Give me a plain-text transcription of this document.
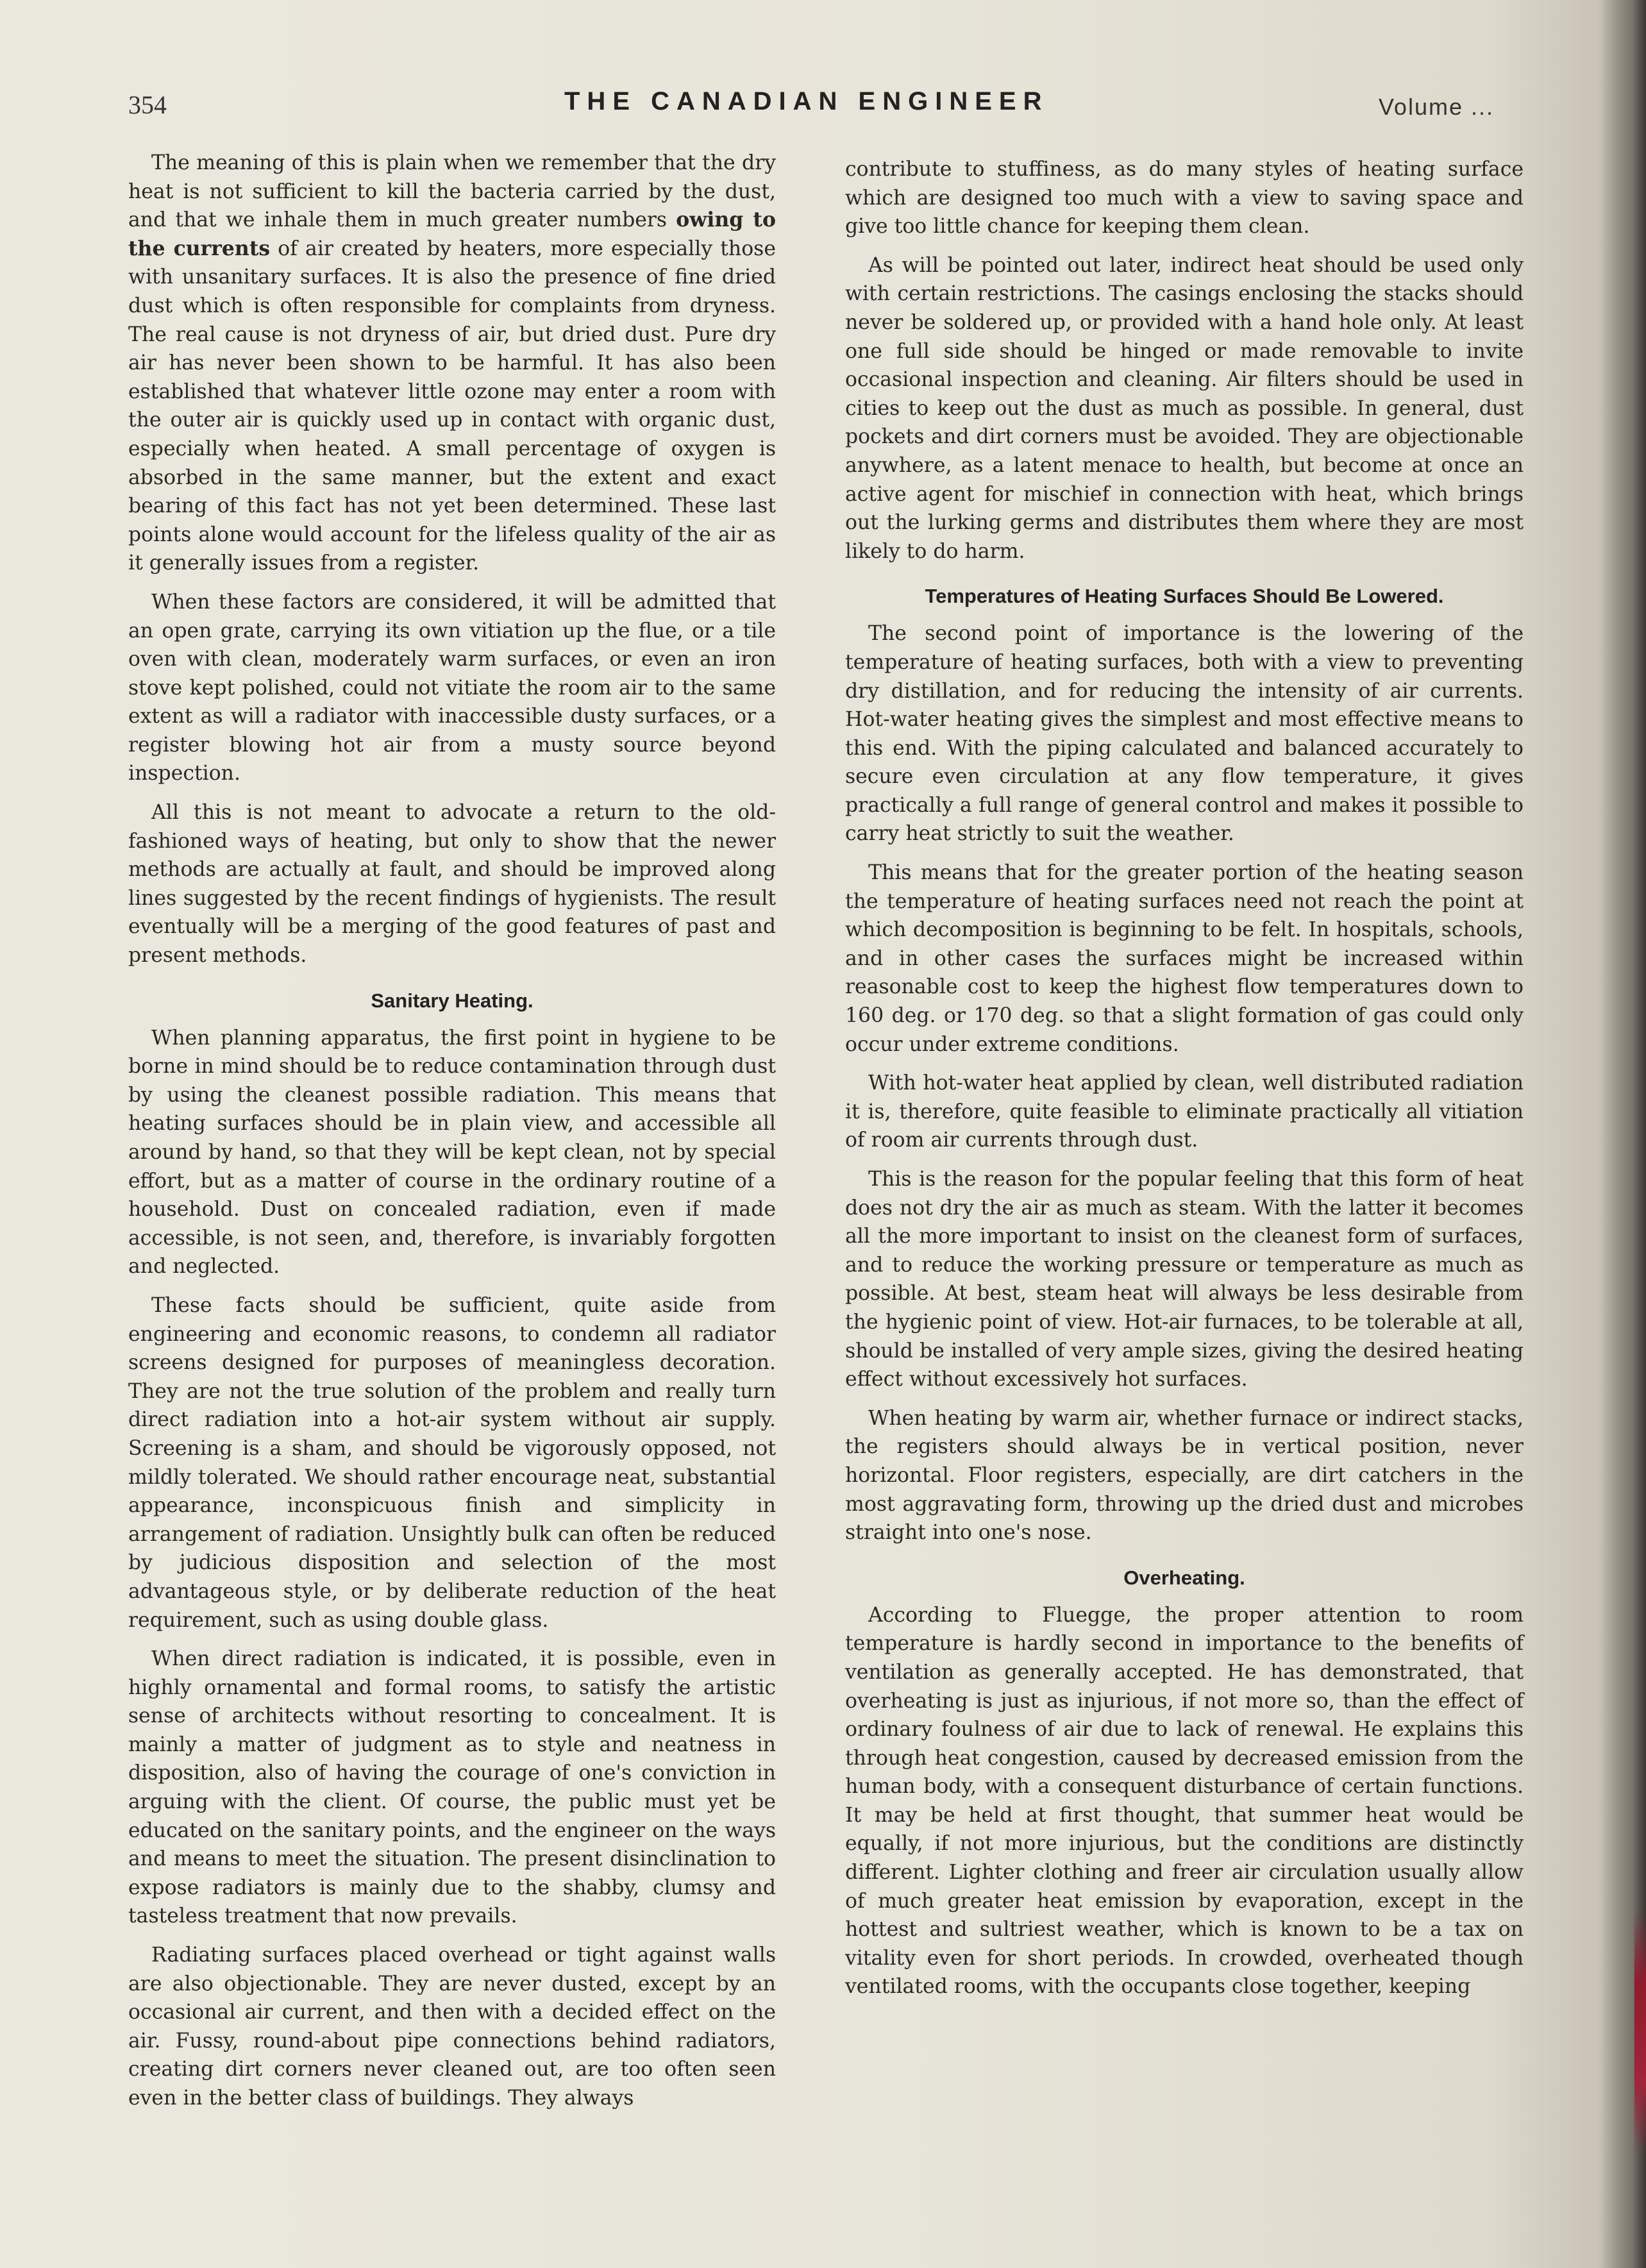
354	THE CANADIAN ENGINEER	Volume ...

The meaning of this is plain when we remember that the dry heat is not sufficient to kill the bacteria carried by the dust, and that we inhale them in much greater numbers owing to the currents of air created by heaters, more especially those with unsanitary surfaces. It is also the presence of fine dried dust which is often responsible for complaints from dryness. The real cause is not dryness of air, but dried dust. Pure dry air has never been shown to be harmful. It has also been established that whatever little ozone may enter a room with the outer air is quickly used up in contact with organic dust, especially when heated. A small percentage of oxygen is absorbed in the same manner, but the extent and exact bearing of this fact has not yet been determined. These last points alone would account for the lifeless quality of the air as it generally issues from a register.

When these factors are considered, it will be admitted that an open grate, carrying its own vitiation up the flue, or a tile oven with clean, moderately warm surfaces, or even an iron stove kept polished, could not vitiate the room air to the same extent as will a radiator with inaccessible dusty surfaces, or a register blowing hot air from a musty source beyond inspection.

All this is not meant to advocate a return to the old-fashioned ways of heating, but only to show that the newer methods are actually at fault, and should be improved along lines suggested by the recent findings of hygienists. The result eventually will be a merging of the good features of past and present methods.

Sanitary Heating.

When planning apparatus, the first point in hygiene to be borne in mind should be to reduce contamination through dust by using the cleanest possible radiation. This means that heating surfaces should be in plain view, and accessible all around by hand, so that they will be kept clean, not by special effort, but as a matter of course in the ordinary routine of a household. Dust on concealed radiation, even if made accessible, is not seen, and, therefore, is invariably forgotten and neglected.

These facts should be sufficient, quite aside from engineering and economic reasons, to condemn all radiator screens designed for purposes of meaningless decoration. They are not the true solution of the problem and really turn direct radiation into a hot-air system without air supply. Screening is a sham, and should be vigorously opposed, not mildly tolerated. We should rather encourage neat, substantial appearance, inconspicuous finish and simplicity in arrangement of radiation. Unsightly bulk can often be reduced by judicious disposition and selection of the most advantageous style, or by deliberate reduction of the heat requirement, such as using double glass.

When direct radiation is indicated, it is possible, even in highly ornamental and formal rooms, to satisfy the artistic sense of architects without resorting to concealment. It is mainly a matter of judgment as to style and neatness in disposition, also of having the courage of one's conviction in arguing with the client. Of course, the public must yet be educated on the sanitary points, and the engineer on the ways and means to meet the situation. The present disinclination to expose radiators is mainly due to the shabby, clumsy and tasteless treatment that now prevails.

Radiating surfaces placed overhead or tight against walls are also objectionable. They are never dusted, except by an occasional air current, and then with a decided effect on the air. Fussy, round-about pipe connections behind radiators, creating dirt corners never cleaned out, are too often seen even in the better class of buildings. They always

contribute to stuffiness, as do many styles of heating surface which are designed too much with a view to saving space and give too little chance for keeping them clean.

As will be pointed out later, indirect heat should be used only with certain restrictions. The casings enclosing the stacks should never be soldered up, or provided with a hand hole only. At least one full side should be hinged or made removable to invite occasional inspection and cleaning. Air filters should be used in cities to keep out the dust as much as possible. In general, dust pockets and dirt corners must be avoided. They are objectionable anywhere, as a latent menace to health, but become at once an active agent for mischief in connection with heat, which brings out the lurking germs and distributes them where they are most likely to do harm.

Temperatures of Heating Surfaces Should Be Lowered.

The second point of importance is the lowering of the temperature of heating surfaces, both with a view to preventing dry distillation, and for reducing the intensity of air currents. Hot-water heating gives the simplest and most effective means to this end. With the piping calculated and balanced accurately to secure even circulation at any flow temperature, it gives practically a full range of general control and makes it possible to carry heat strictly to suit the weather.

This means that for the greater portion of the heating season the temperature of heating surfaces need not reach the point at which decomposition is beginning to be felt. In hospitals, schools, and in other cases the surfaces might be increased within reasonable cost to keep the highest flow temperatures down to 160 deg. or 170 deg. so that a slight formation of gas could only occur under extreme conditions.

With hot-water heat applied by clean, well distributed radiation it is, therefore, quite feasible to eliminate practically all vitiation of room air currents through dust.

This is the reason for the popular feeling that this form of heat does not dry the air as much as steam. With the latter it becomes all the more important to insist on the cleanest form of surfaces, and to reduce the working pressure or temperature as much as possible. At best, steam heat will always be less desirable from the hygienic point of view. Hot-air furnaces, to be tolerable at all, should be installed of very ample sizes, giving the desired heating effect without excessively hot surfaces.

When heating by warm air, whether furnace or indirect stacks, the registers should always be in vertical position, never horizontal. Floor registers, especially, are dirt catchers in the most aggravating form, throwing up the dried dust and microbes straight into one's nose.

Overheating.

According to Fluegge, the proper attention to room temperature is hardly second in importance to the benefits of ventilation as generally accepted. He has demonstrated, that overheating is just as injurious, if not more so, than the effect of ordinary foulness of air due to lack of renewal. He explains this through heat congestion, caused by decreased emission from the human body, with a consequent disturbance of certain functions. It may be held at first thought, that summer heat would be equally, if not more injurious, but the conditions are distinctly different. Lighter clothing and freer air circulation usually allow of much greater heat emission by evaporation, except in the hottest and sultriest weather, which is known to be a tax on vitality even for short periods. In crowded, overheated though ventilated rooms, with the occupants close together, keeping
